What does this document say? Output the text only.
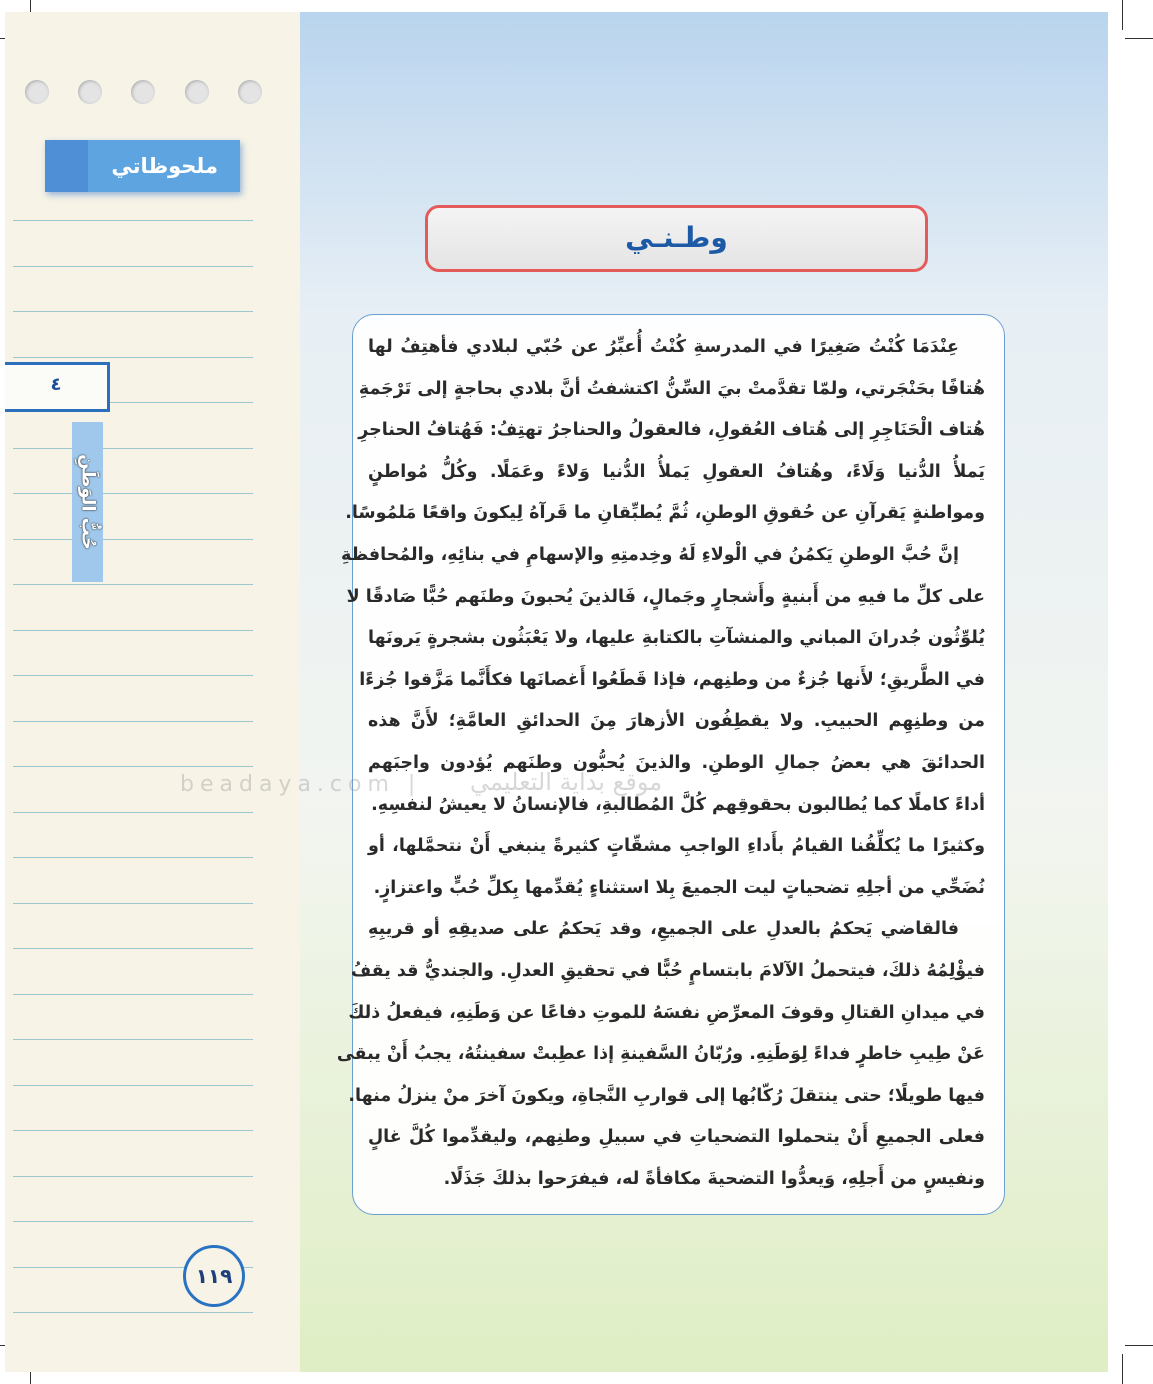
ملحوظاتي
٤
حُبُّ الوَطَنِ
١١٩
وطـنـي
beadaya.com | موقع بداية التعليمي
عِنْدَمَا كُنْتُ صَغِيرًا في المدرسةِ كُنْتُ أُعبِّرُ عن حُبّي لبلادي فأهتِفُ لها
هُتافًا بحَنْجَرتي، ولمّا تقدَّمتْ بيَ السِّنُّ اكتشفتُ أنَّ بلادي بحاجةٍ إلى تَرْجَمةِ
هُتاف الْحَنَاجِرِ إلى هُتاف العُقولِ، فالعقولُ والحناجرُ تهتِفُ: فَهُتافُ الحناجرِ
يَملأُ الدُّنيا وَلَاءً، وهُتافُ العقولِ يَملأُ الدُّنيا وَلاءً وعَمَلًا. وكُلُّ مُواطنٍ
ومواطنةٍ يَقرآنِ عن حُقوقِ الوطنِ، ثُمَّ يُطبِّقانِ ما قَرآهُ لِيكونَ واقعًا مَلمُوسًا.
إنَّ حُبَّ الوطنِ يَكمُنُ في الْولاءِ لَهُ وخِدمتِهِ والإسهامِ في بنائِهِ، والمُحافظةِ
على كلِّ ما فيهِ من أَبنيةٍ وأَشجارٍ وجَمالٍ، فَالذينَ يُحبونَ وطنَهم حُبًّا صَادقًا لا
يُلوِّثُون جُدرانَ المباني والمنشآتِ بالكتابةِ عليها، ولا يَعْبَثُون بشجرةٍ يَرونَها
في الطَّريقِ؛ لأَنها جُزءٌ من وطنِهم، فإذا قَطَعُوا أَغصانَها فكأَنَّما مَزَّقوا جُزءًا
من وطنِهِم الحبيبِ. ولا يقطِفُون الأزهارَ مِنَ الحدائقِ العامَّةِ؛ لأَنَّ هذه
الحدائقَ هي بعضُ جمالِ الوطنِ. والذينَ يُحبُّون وطنَهم يُؤدون واجبَهم
أداءً كاملًا كما يُطالبون بحقوقِهم كُلَّ المُطالبةِ، فالإنسانُ لا يعيشُ لنفسِهِ.
وكثيرًا ما يُكلِّفُنا القيامُ بأَداءِ الواجبِ مشقّاتٍ كثيرةً ينبغي أَنْ نتحمَّلها، أو
نُضَحِّي من أجلِهِ تضحياتٍ ليت الجميعَ بِلا استثناءٍ يُقدِّمها بِكلِّ حُبٍّ واعتزازٍ.
فالقاضي يَحكمُ بالعدلِ على الجميعِ، وقد يَحكمُ على صديقِهِ أو قريبِهِ
فيؤْلِمُهُ ذلكَ، فيتحملُ الآلامَ بابتسامٍ حُبًّا في تحقيقِ العدلِ. والجنديُّ قد يقفُ
في ميدانِ القتالِ وقوفَ المعرِّضِ نفسَهُ للموتِ دفاعًا عن وَطَنِهِ، فيفعلُ ذلكَ
عَنْ طِيبِ خاطرٍ فداءً لِوَطَنِهِ. ورُبّانُ السَّفينةِ إذا عطِبتْ سفينتُهُ، يجبُ أَنْ يبقى
فيها طويلًا؛ حتى ينتقلَ رُكّابُها إلى قواربِ النَّجاةِ، ويكونَ آخرَ منْ ينزلُ منها.
فعلى الجميعِ أَنْ يتحملوا التضحياتِ في سبيلِ وطنِهم، وليقدِّموا كُلَّ غالٍ
ونفيسٍ من أَجلِهِ، وَيعدُّوا التضحيةَ مكافأةً له، فيفرَحوا بذلكَ جَذَلًا.
